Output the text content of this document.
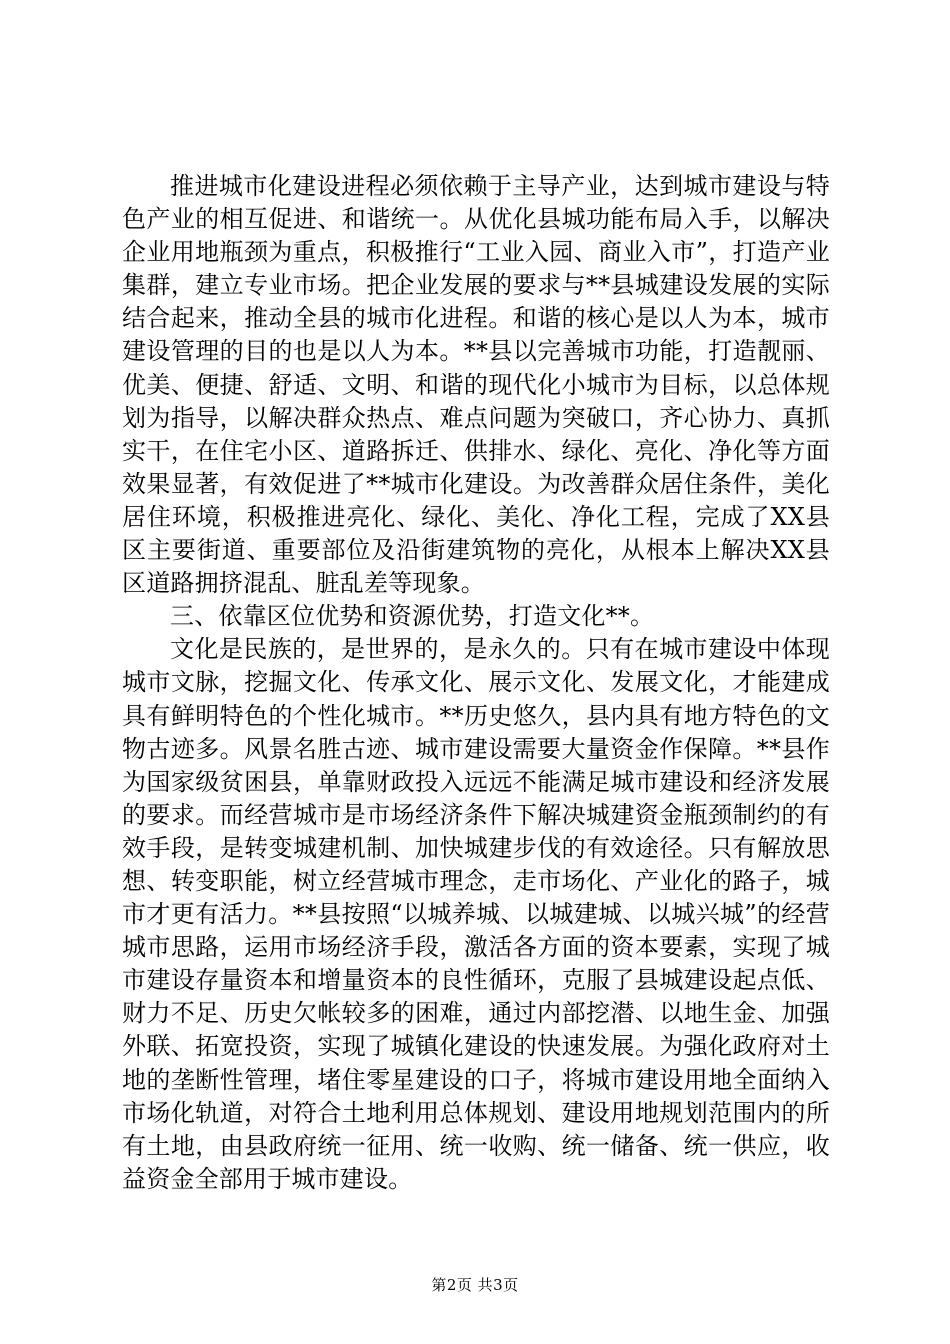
推进城市化建设进程必须依赖于主导产业，达到城市建设与特色产业的相互促进、和谐统一。从优化县城功能布局入手，以解决企业用地瓶颈为重点，积极推行“工业入园、商业入市”，打造产业集群，建立专业市场。把企业发展的要求与**县城建设发展的实际结合起来，推动全县的城市化进程。和谐的核心是以人为本，城市建设管理的目的也是以人为本。**县以完善城市功能，打造靓丽、优美、便捷、舒适、文明、和谐的现代化小城市为目标，以总体规划为指导，以解决群众热点、难点问题为突破口，齐心协力、真抓实干，在住宅小区、道路拆迁、供排水、绿化、亮化、净化等方面效果显著，有效促进了**城市化建设。为改善群众居住条件，美化居住环境，积极推进亮化、绿化、美化、净化工程，完成了XX县区主要街道、重要部位及沿街建筑物的亮化，从根本上解决XX县区道路拥挤混乱、脏乱差等现象。

三、依靠区位优势和资源优势，打造文化**。

文化是民族的，是世界的，是永久的。只有在城市建设中体现城市文脉，挖掘文化、传承文化、展示文化、发展文化，才能建成具有鲜明特色的个性化城市。**历史悠久，县内具有地方特色的文物古迹多。风景名胜古迹、城市建设需要大量资金作保障。**县作为国家级贫困县，单靠财政投入远远不能满足城市建设和经济发展的要求。而经营城市是市场经济条件下解决城建资金瓶颈制约的有效手段，是转变城建机制、加快城建步伐的有效途径。只有解放思想、转变职能，树立经营城市理念，走市场化、产业化的路子，城市才更有活力。**县按照“以城养城、以城建城、以城兴城”的经营城市思路，运用市场经济手段，激活各方面的资本要素，实现了城市建设存量资本和增量资本的良性循环，克服了县城建设起点低、财力不足、历史欠帐较多的困难，通过内部挖潜、以地生金、加强外联、拓宽投资，实现了城镇化建设的快速发展。为强化政府对土地的垄断性管理，堵住零星建设的口子，将城市建设用地全面纳入市场化轨道，对符合土地利用总体规划、建设用地规划范围内的所有土地，由县政府统一征用、统一收购、统一储备、统一供应，收益资金全部用于城市建设。

第2页 共3页
